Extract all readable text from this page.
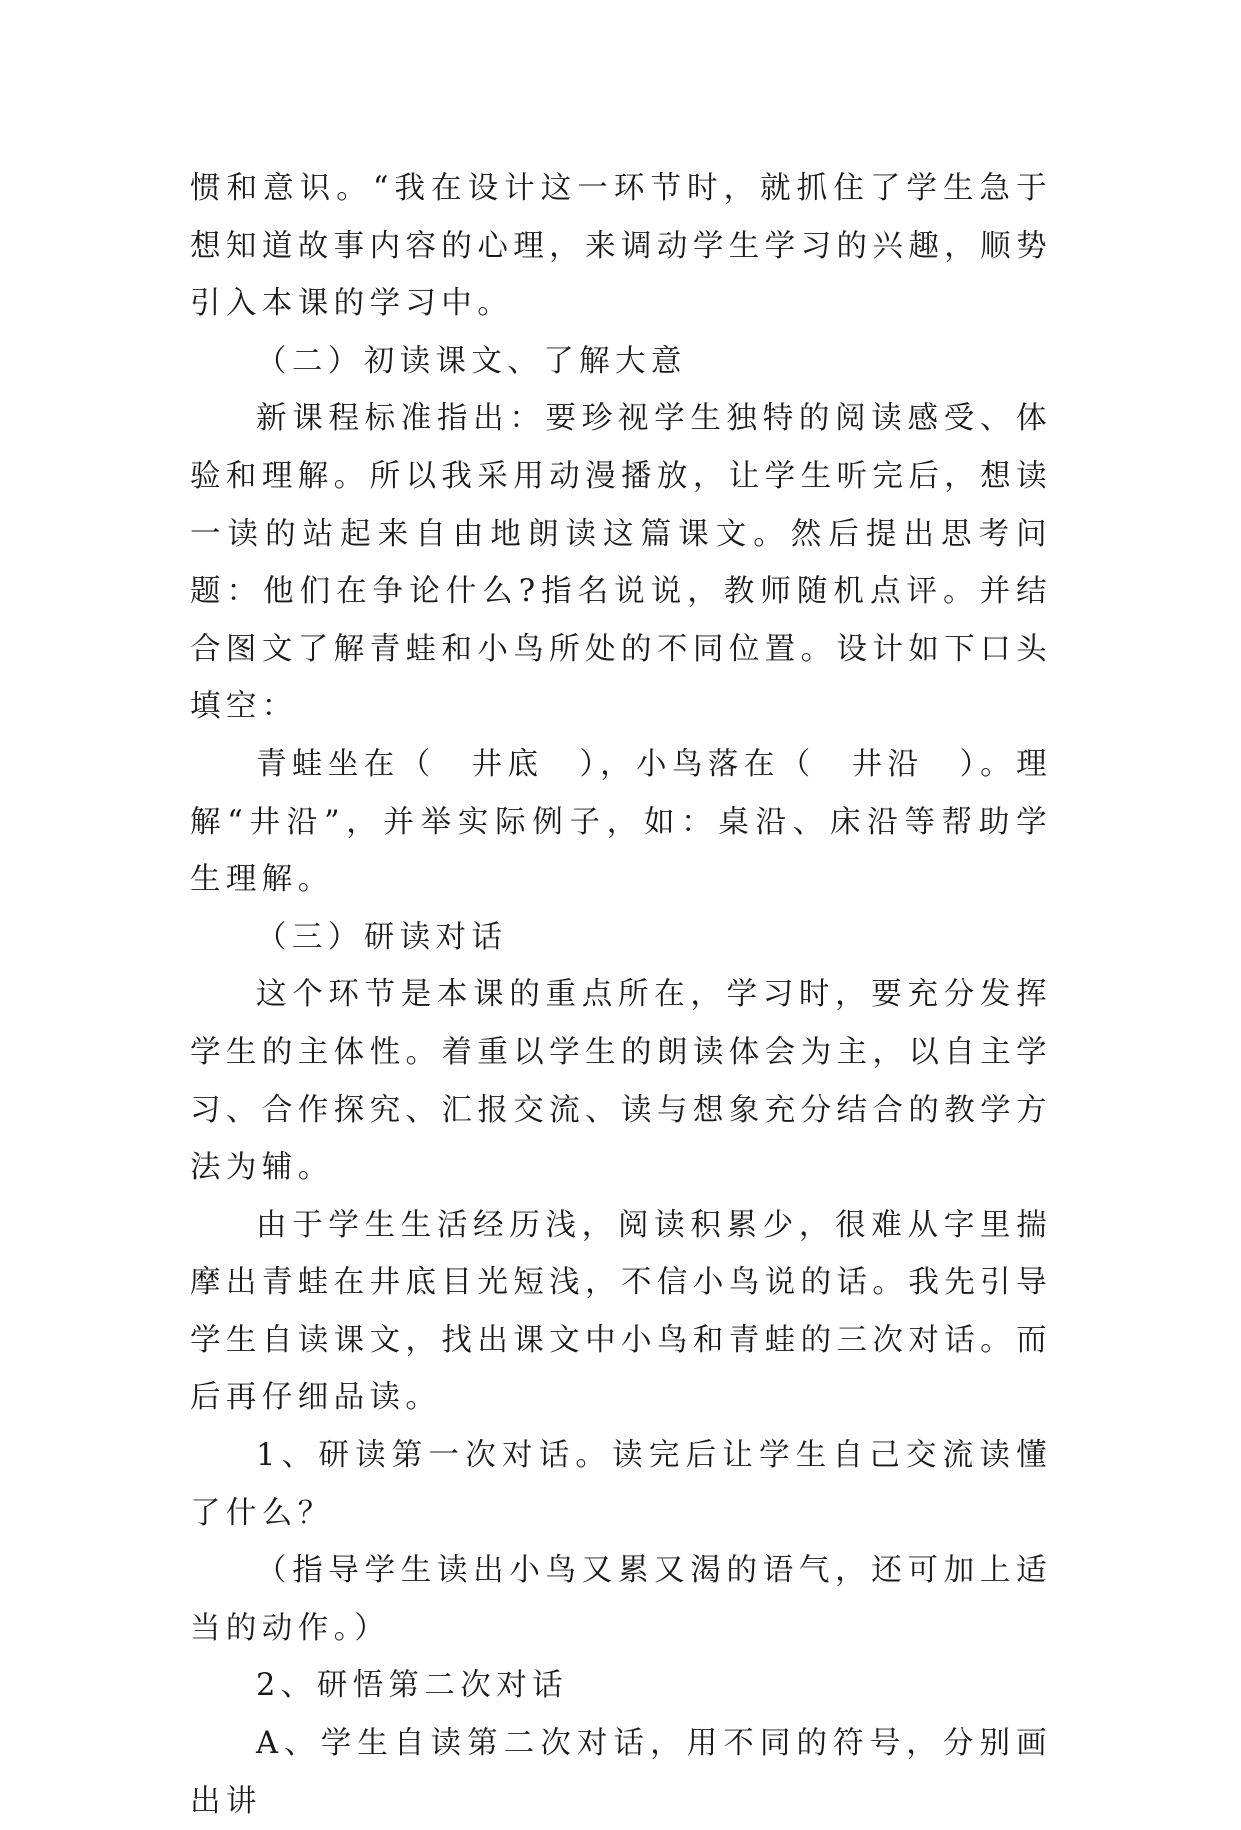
惯和意识。“我在设计这一环节时，就抓住了学生急于想知道故事内容的心理，来调动学生学习的兴趣，顺势引入本课的学习中。

（二）初读课文、了解大意

新课程标准指出：要珍视学生独特的阅读感受、体验和理解。所以我采用动漫播放，让学生听完后，想读一读的站起来自由地朗读这篇课文。然后提出思考问题：他们在争论什么?指名说说，教师随机点评。并结合图文了解青蛙和小鸟所处的不同位置。设计如下口头填空：

青蛙坐在（　井底　），小鸟落在（　井沿　）。理解“井沿”，并举实际例子，如：桌沿、床沿等帮助学生理解。

（三）研读对话

这个环节是本课的重点所在，学习时，要充分发挥学生的主体性。着重以学生的朗读体会为主，以自主学习、合作探究、汇报交流、读与想象充分结合的教学方法为辅。

由于学生生活经历浅，阅读积累少，很难从字里揣摩出青蛙在井底目光短浅，不信小鸟说的话。我先引导学生自读课文，找出课文中小鸟和青蛙的三次对话。而后再仔细品读。

1、研读第一次对话。读完后让学生自己交流读懂了什么？

（指导学生读出小鸟又累又渴的语气，还可加上适当的动作。）

2、研悟第二次对话

A、学生自读第二次对话，用不同的符号，分别画出讲
